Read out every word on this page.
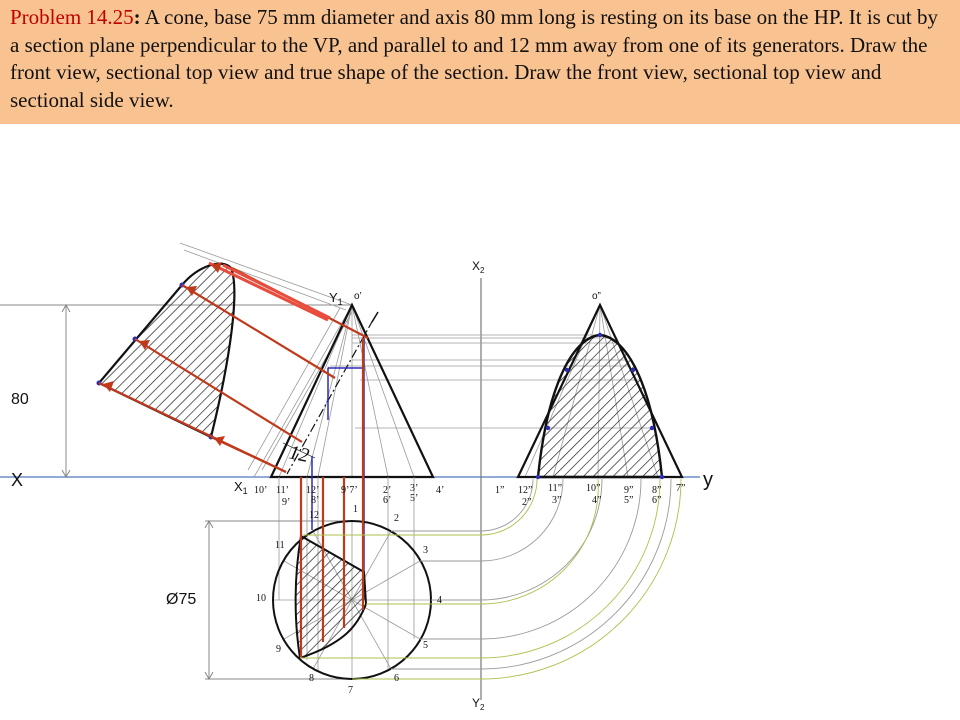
Problem 14.25: A cone, base 75 mm diameter and axis 80 mm long is resting on its base on the HP. It is cut by a section plane perpendicular to the VP, and parallel to and 12 mm away from one of its generators. Draw the front view, sectional top view and true shape of the section. Draw the front view, sectional top view and sectional side view.

80
X	y
Ø75
$X_2$
$Y_2$
12
$X_1$
$Y_1$ o’	o”
10’ 11’ 12’
8’
9’
9’7’	2’
6’
3’
5’
4’
1
2
3
4
5
6
7
8
9
10
11
12
1” 12”
2”
11”
3”
10”
4”
9”
5”
8”
6”
7”
